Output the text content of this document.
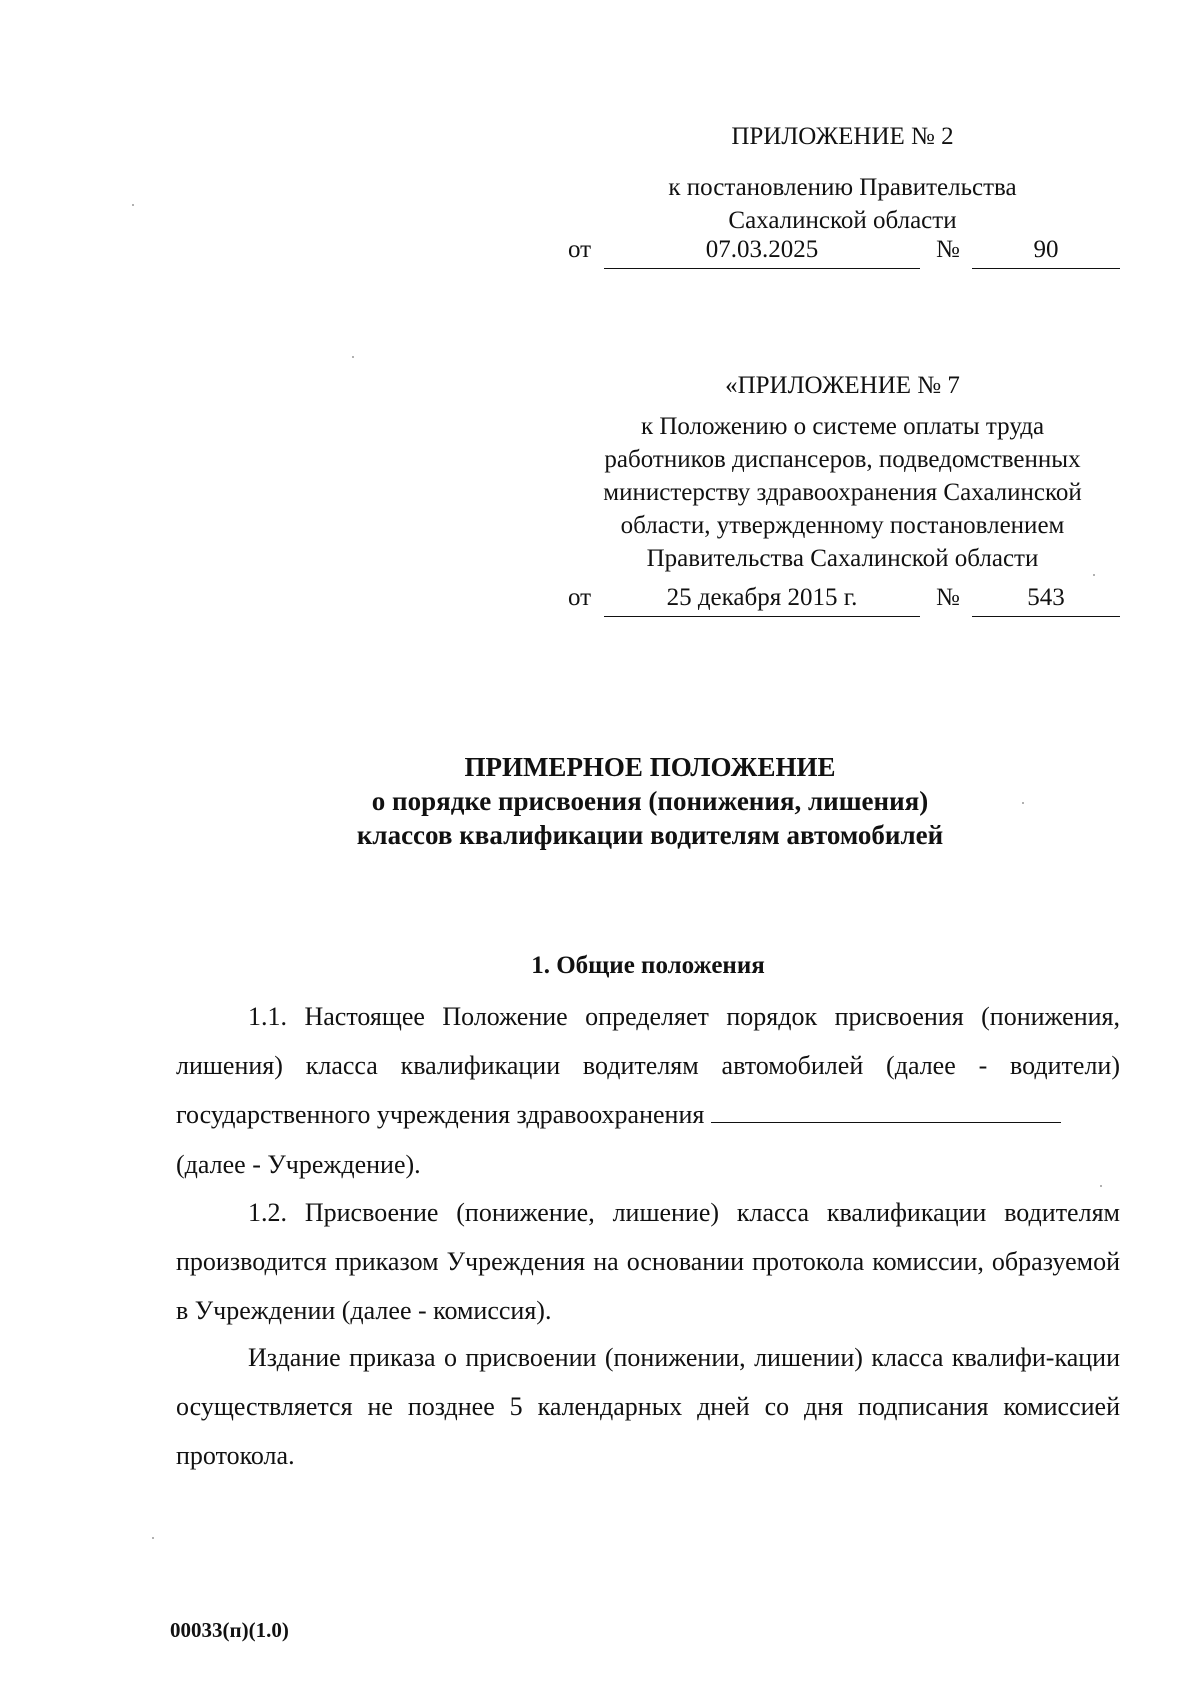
ПРИЛОЖЕНИЕ № 2
к постановлению Правительства
Сахалинской области
от	07.03.2025	№	90
«ПРИЛОЖЕНИЕ № 7
к Положению о системе оплаты труда
работников диспансеров, подведомственных
министерству здравоохранения Сахалинской
области, утвержденному постановлением
Правительства Сахалинской области
от	25 декабря 2015 г.	№	543
ПРИМЕРНОЕ ПОЛОЖЕНИЕ
о порядке присвоения (понижения, лишения)
классов квалификации водителям автомобилей
1. Общие положения
1.1. Настоящее Положение определяет порядок присвоения (понижения, лишения) класса квалификации водителям автомобилей (далее - водители) государственного учреждения здравоохранения
(далее - Учреждение).
1.2. Присвоение (понижение, лишение) класса квалификации водителям производится приказом Учреждения на основании протокола комиссии, образуемой в Учреждении (далее - комиссия).
Издание приказа о присвоении (понижении, лишении) класса квалифи-кации осуществляется не позднее 5 календарных дней со дня подписания комиссией протокола.
00033(п)(1.0)
